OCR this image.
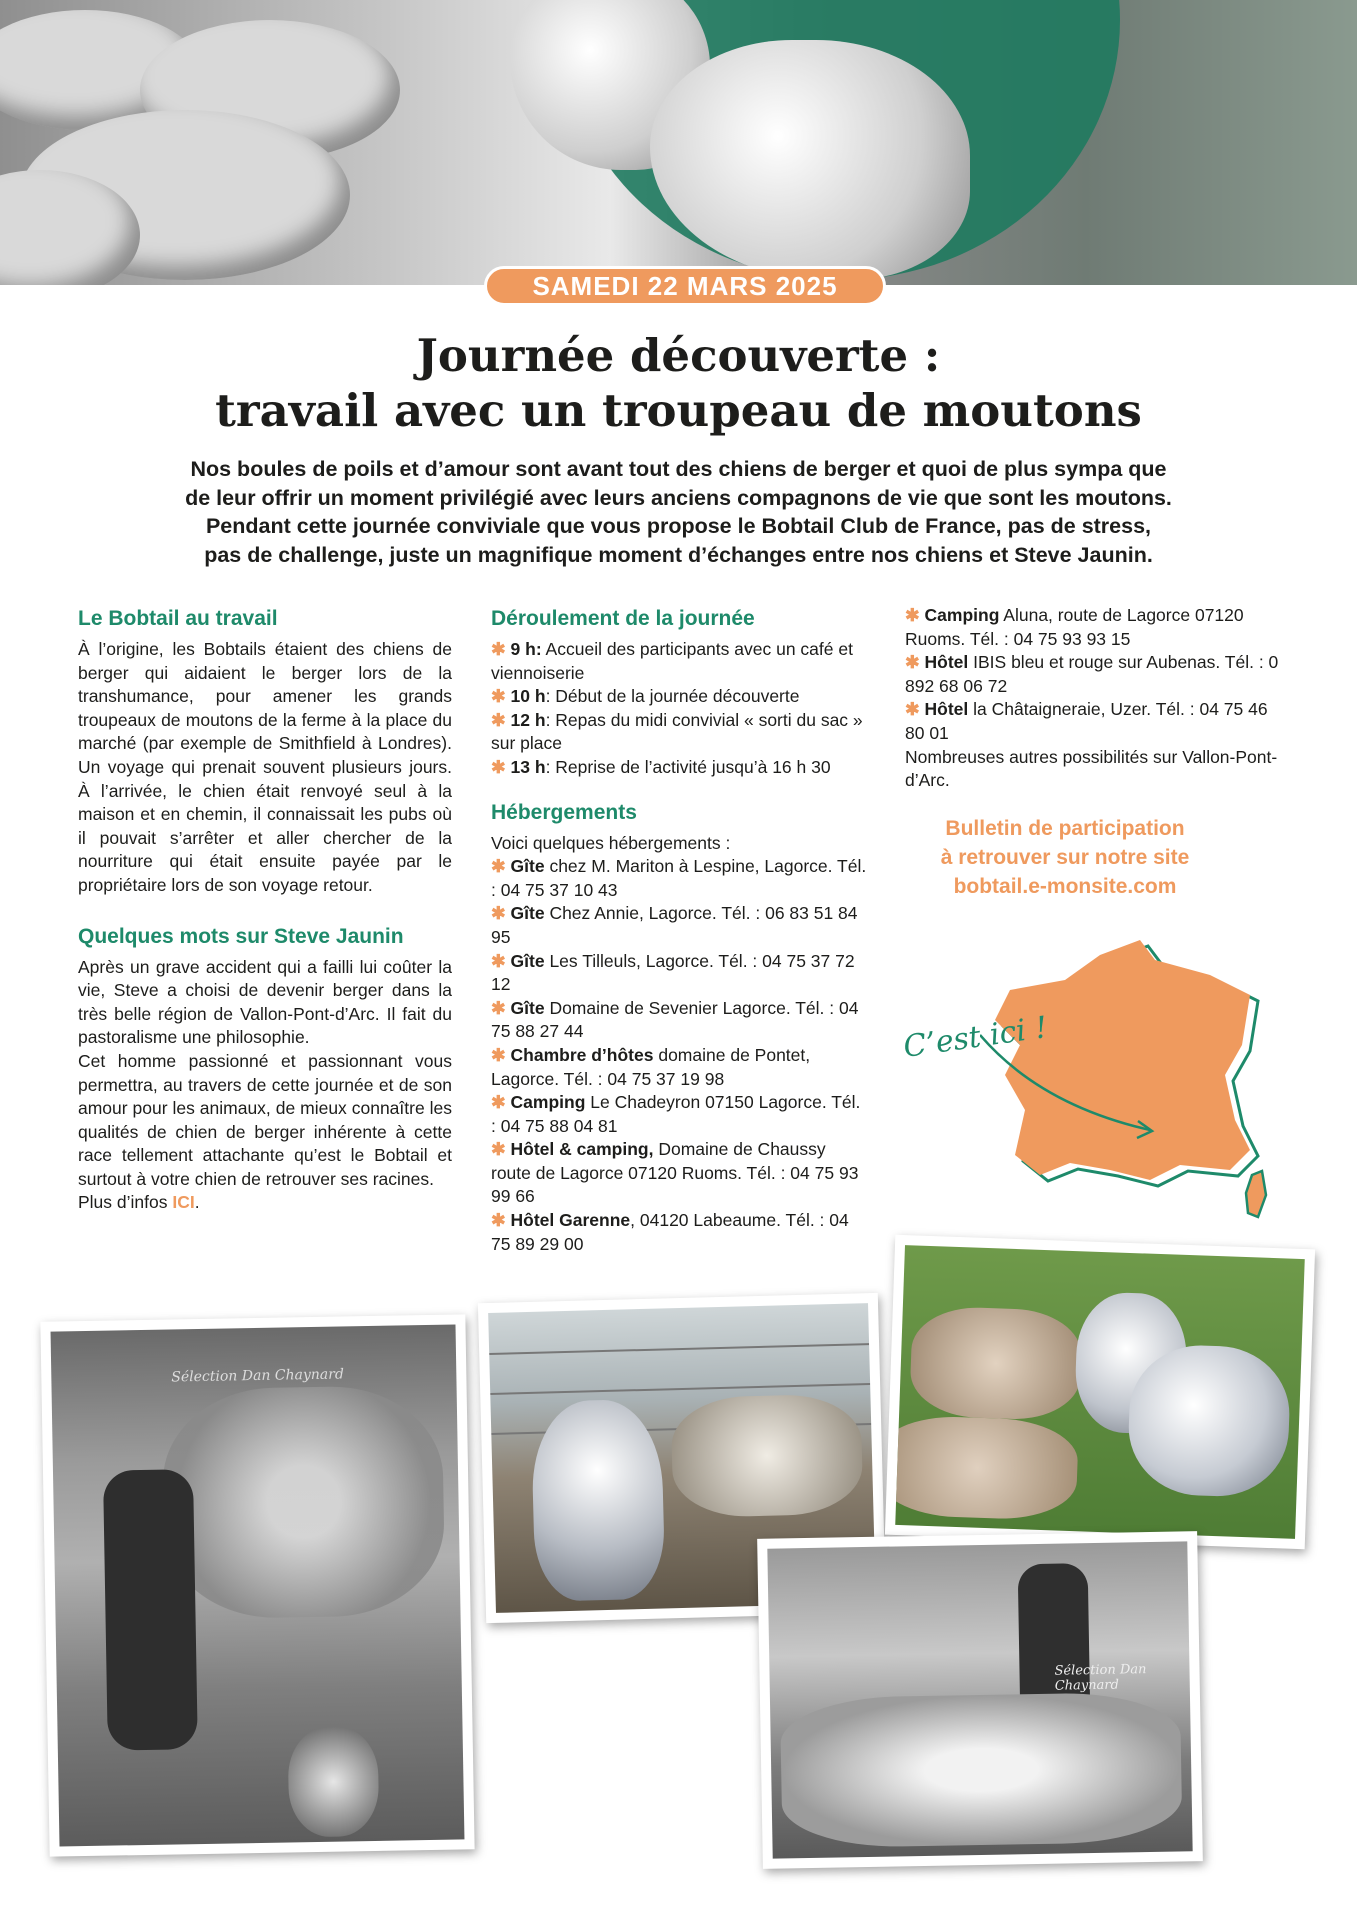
SAMEDI 22 MARS 2025
Journée découverte :
travail avec un troupeau de moutons
Nos boules de poils et d’amour sont avant tout des chiens de berger et quoi de plus sympa que
de leur offrir un moment privilégié avec leurs anciens compagnons de vie que sont les moutons.
Pendant cette journée conviviale que vous propose le Bobtail Club de France, pas de stress,
pas de challenge, juste un magnifique moment d’échanges entre nos chiens et Steve Jaunin.
Le Bobtail au travail

À l’origine, les Bobtails étaient des chiens de berger qui aidaient le berger lors de la transhumance, pour amener les grands troupeaux de moutons de la ferme à la place du marché (par exemple de Smithfield à Londres). Un voyage qui prenait souvent plusieurs jours. À l’arrivée, le chien était renvoyé seul à la maison et en chemin, il connaissait les pubs où il pouvait s’arrêter et aller chercher de la nourriture qui était ensuite payée par le propriétaire lors de son voyage retour.

Quelques mots sur Steve Jaunin

Après un grave accident qui a failli lui coûter la vie, Steve a choisi de devenir berger dans la très belle région de Vallon-Pont-d’Arc. Il fait du pastoralisme une philosophie.

Cet homme passionné et passionnant vous permettra, au travers de cette journée et de son amour pour les animaux, de mieux connaître les qualités de chien de berger inhérente à cette race tellement attachante qu’est le Bobtail et surtout à votre chien de retrouver ses racines.

Plus d’infos ICI.

Déroulement de la journée

✱ 9 h: Accueil des participants avec un café et viennoiserie

✱ 10 h: Début de la journée découverte

✱ 12 h: Repas du midi convivial « sorti du sac » sur place

✱ 13 h: Reprise de l’activité jusqu’à 16 h 30

Hébergements

Voici quelques hébergements :

✱ Gîte chez M. Mariton à Lespine, Lagorce. Tél. : 04 75 37 10 43

✱ Gîte Chez Annie, Lagorce. Tél. : 06 83 51 84 95

✱ Gîte Les Tilleuls, Lagorce. Tél. : 04 75 37 72 12

✱ Gîte Domaine de Sevenier Lagorce. Tél. : 04 75 88 27 44

✱ Chambre d’hôtes domaine de Pontet, Lagorce. Tél. : 04 75 37 19 98

✱ Camping Le Chadeyron 07150 Lagorce. Tél. : 04 75 88 04 81

✱ Hôtel & camping, Domaine de Chaussy route de Lagorce 07120 Ruoms. Tél. : 04 75 93 99 66

✱ Hôtel Garenne, 04120 Labeaume. Tél. : 04 75 89 29 00

✱ Camping Aluna, route de Lagorce 07120 Ruoms. Tél. : 04 75 93 93 15

✱ Hôtel IBIS bleu et rouge sur Aubenas. Tél. : 0 892 68 06 72

✱ Hôtel la Châtaigneraie, Uzer. Tél. : 04 75 46 80 01

Nombreuses autres possibilités sur Vallon-Pont-d’Arc.

Bulletin de participation
à retrouver sur notre site
bobtail.e-monsite.com
C’est ici !
Sélection Dan Chaynard
Sélection Dan Chaynard
